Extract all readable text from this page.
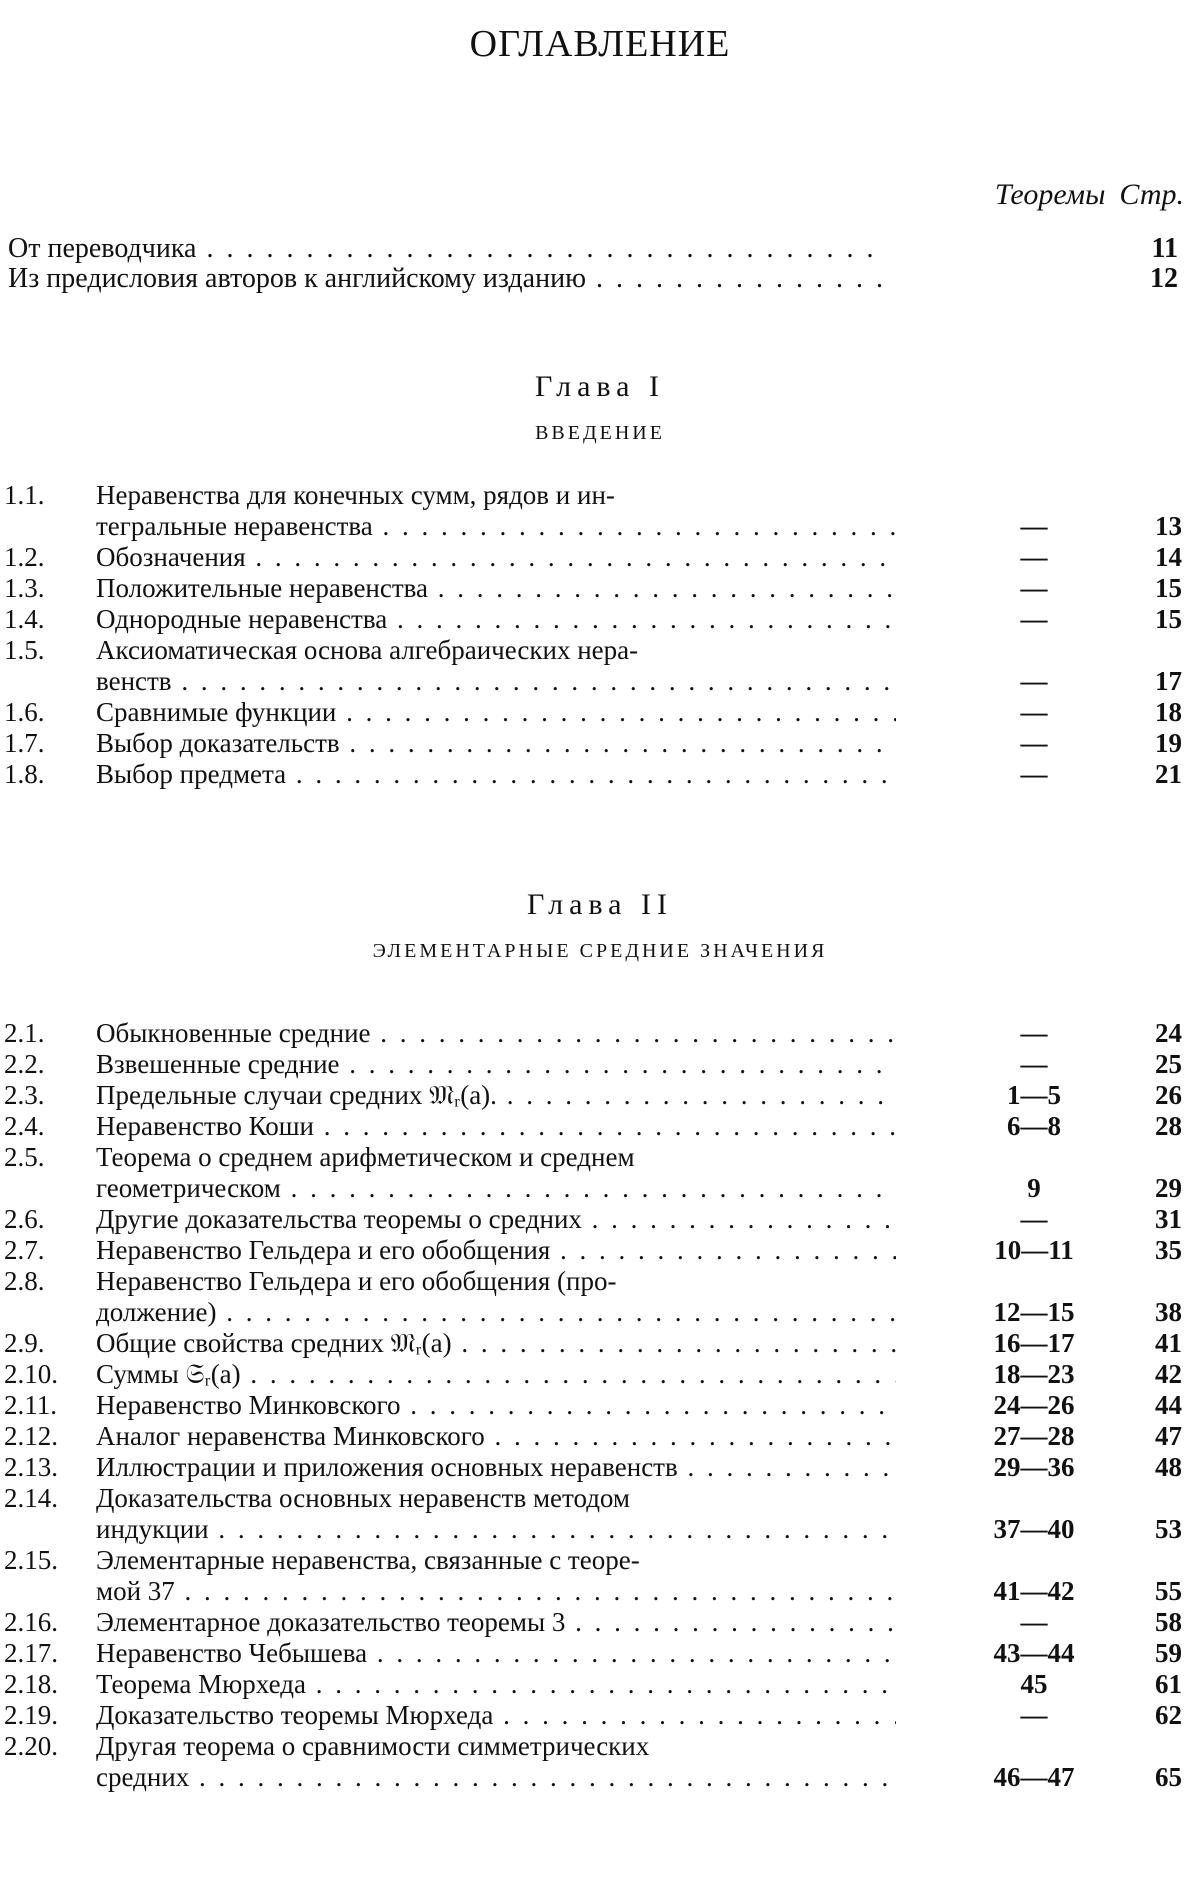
ОГЛАВЛЕНИЕ
Теоремы Стр.
От переводчика . . .	11
Из предисловия авторов к английскому изданию . . .	12
Глава I
ВВЕДЕНИЕ
1.1.	Неравенства для конечных сумм, рядов и ин-
тегральные неравенства . . .	—	13
1.2.	Обозначения . . .	—	14
1.3.	Положительные неравенства . . .	—	15
1.4.	Однородные неравенства . . .	—	15
1.5.	Аксиоматическая основа алгебраических нера-
венств . . .	—	17
1.6.	Сравнимые функции . . .	—	18
1.7.	Выбор доказательств . . .	—	19
1.8.	Выбор предмета . . .	—	21
Глава II
ЭЛЕМЕНТАРНЫЕ СРЕДНИЕ ЗНАЧЕНИЯ
2.1.	Обыкновенные средние . . .	—	24
2.2.	Взвешенные средние . . .	—	25
2.3.	Предельные случаи средних 𝔐ᵣ(a). . . .	1—5	26
2.4.	Неравенство Коши . . .	6—8	28
2.5.	Теорема о среднем арифметическом и среднем
геометрическом . . .	9	29
2.6.	Другие доказательства теоремы о средних . . .	—	31
2.7.	Неравенство Гельдера и его обобщения . . .	10—11	35
2.8.	Неравенство Гельдера и его обобщения (про-
должение) . . .	12—15	38
2.9.	Общие свойства средних 𝔐ᵣ(a) . . .	16—17	41
2.10.	Суммы 𝔖ᵣ(a) . . .	18—23	42
2.11.	Неравенство Минковского . . .	24—26	44
2.12.	Аналог неравенства Минковского . . .	27—28	47
2.13.	Иллюстрации и приложения основных неравенств . . .	29—36	48
2.14.	Доказательства основных неравенств методом
индукции . . .	37—40	53
2.15.	Элементарные неравенства, связанные с теоре-
мой 37 . . .	41—42	55
2.16.	Элементарное доказательство теоремы 3 . . .	—	58
2.17.	Неравенство Чебышева . . .	43—44	59
2.18.	Теорема Мюрхеда . . .	45	61
2.19.	Доказательство теоремы Мюрхеда . . .	—	62
2.20.	Другая теорема о сравнимости симметрических
средних . . .	46—47	65
